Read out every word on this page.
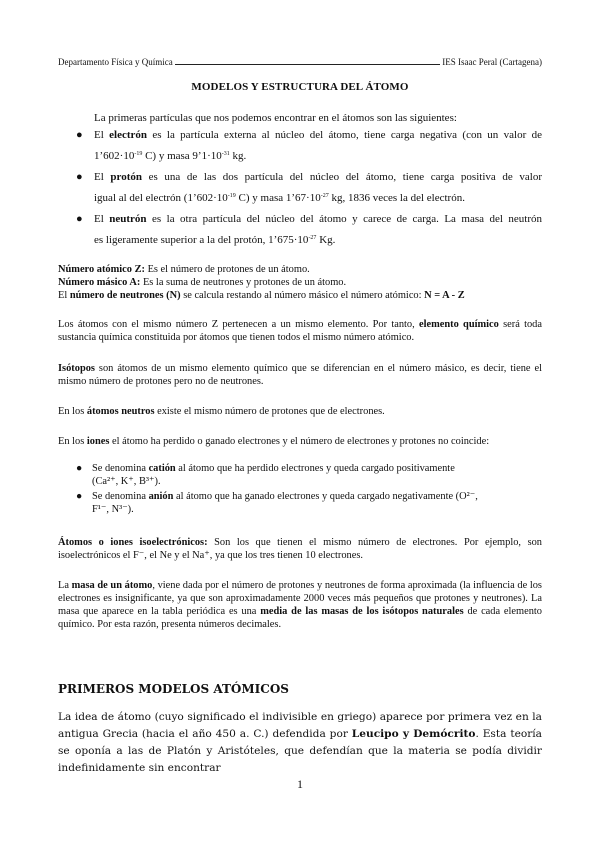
Departamento Física y Química	IES Isaac Peral (Cartagena)
MODELOS Y ESTRUCTURA DEL ÁTOMO
La primeras partículas que nos podemos encontrar en el átomos son las siguientes:
● El electrón es la partícula externa al núcleo del átomo, tiene carga negativa (con un valor de
$1’602\cdot 10^{-19}$ C) y masa $9’1\cdot 10^{-31}$ kg.
● El protón es una de las dos partícula del núcleo del átomo, tiene carga positiva de valor
igual al del electrón ($1’602\cdot 10^{-19}$ C) y masa $1’67\cdot 10^{-27}$ kg, 1836 veces la del electrón.
● El neutrón es la otra partícula del núcleo del átomo y carece de carga. La masa del neutrón
es ligeramente superior a la del protón, $1’675\cdot 10^{-27}$ Kg.
Número atómico Z: Es el número de protones de un átomo.
Número másico A: Es la suma de neutrones y protones de un átomo.
El número de neutrones (N) se calcula restando al número másico el número atómico: N = A - Z
Los átomos con el mismo número Z pertenecen a un mismo elemento. Por tanto, elemento químico será toda sustancia química constituida por átomos que tienen todos el mismo número atómico.
Isótopos son átomos de un mismo elemento químico que se diferencian en el número másico, es decir, tiene el mismo número de protones pero no de neutrones.
En los átomos neutros existe el mismo número de protones que de electrones.
En los iones el átomo ha perdido o ganado electrones y el número de electrones y protones no coincide:
● Se denomina catión al átomo que ha perdido electrones y queda cargado positivamente
(Ca²⁺, K⁺, B³⁺).
● Se denomina anión al átomo que ha ganado electrones y queda cargado negativamente (O²⁻,
F¹⁻, N³⁻).
Átomos o iones isoelectrónicos: Son los que tienen el mismo número de electrones. Por ejemplo, son isoelectrónicos el F⁻, el Ne y el Na⁺, ya que los tres tienen 10 electrones.
La masa de un átomo, viene dada por el número de protones y neutrones de forma aproximada (la influencia de los electrones es insignificante, ya que son aproximadamente 2000 veces más pequeños que protones y neutrones). La masa que aparece en la tabla periódica es una media de las masas de los isótopos naturales de cada elemento químico. Por esta razón, presenta números decimales.
PRIMEROS MODELOS ATÓMICOS
La idea de átomo (cuyo significado el indivisible en griego) aparece por primera vez en la antigua Grecia (hacia el año 450 a. C.) defendida por Leucipo y Demócrito. Esta teoría se oponía a las de Platón y Aristóteles, que defendían que la materia se podía dividir indefinidamente sin encontrar
1
